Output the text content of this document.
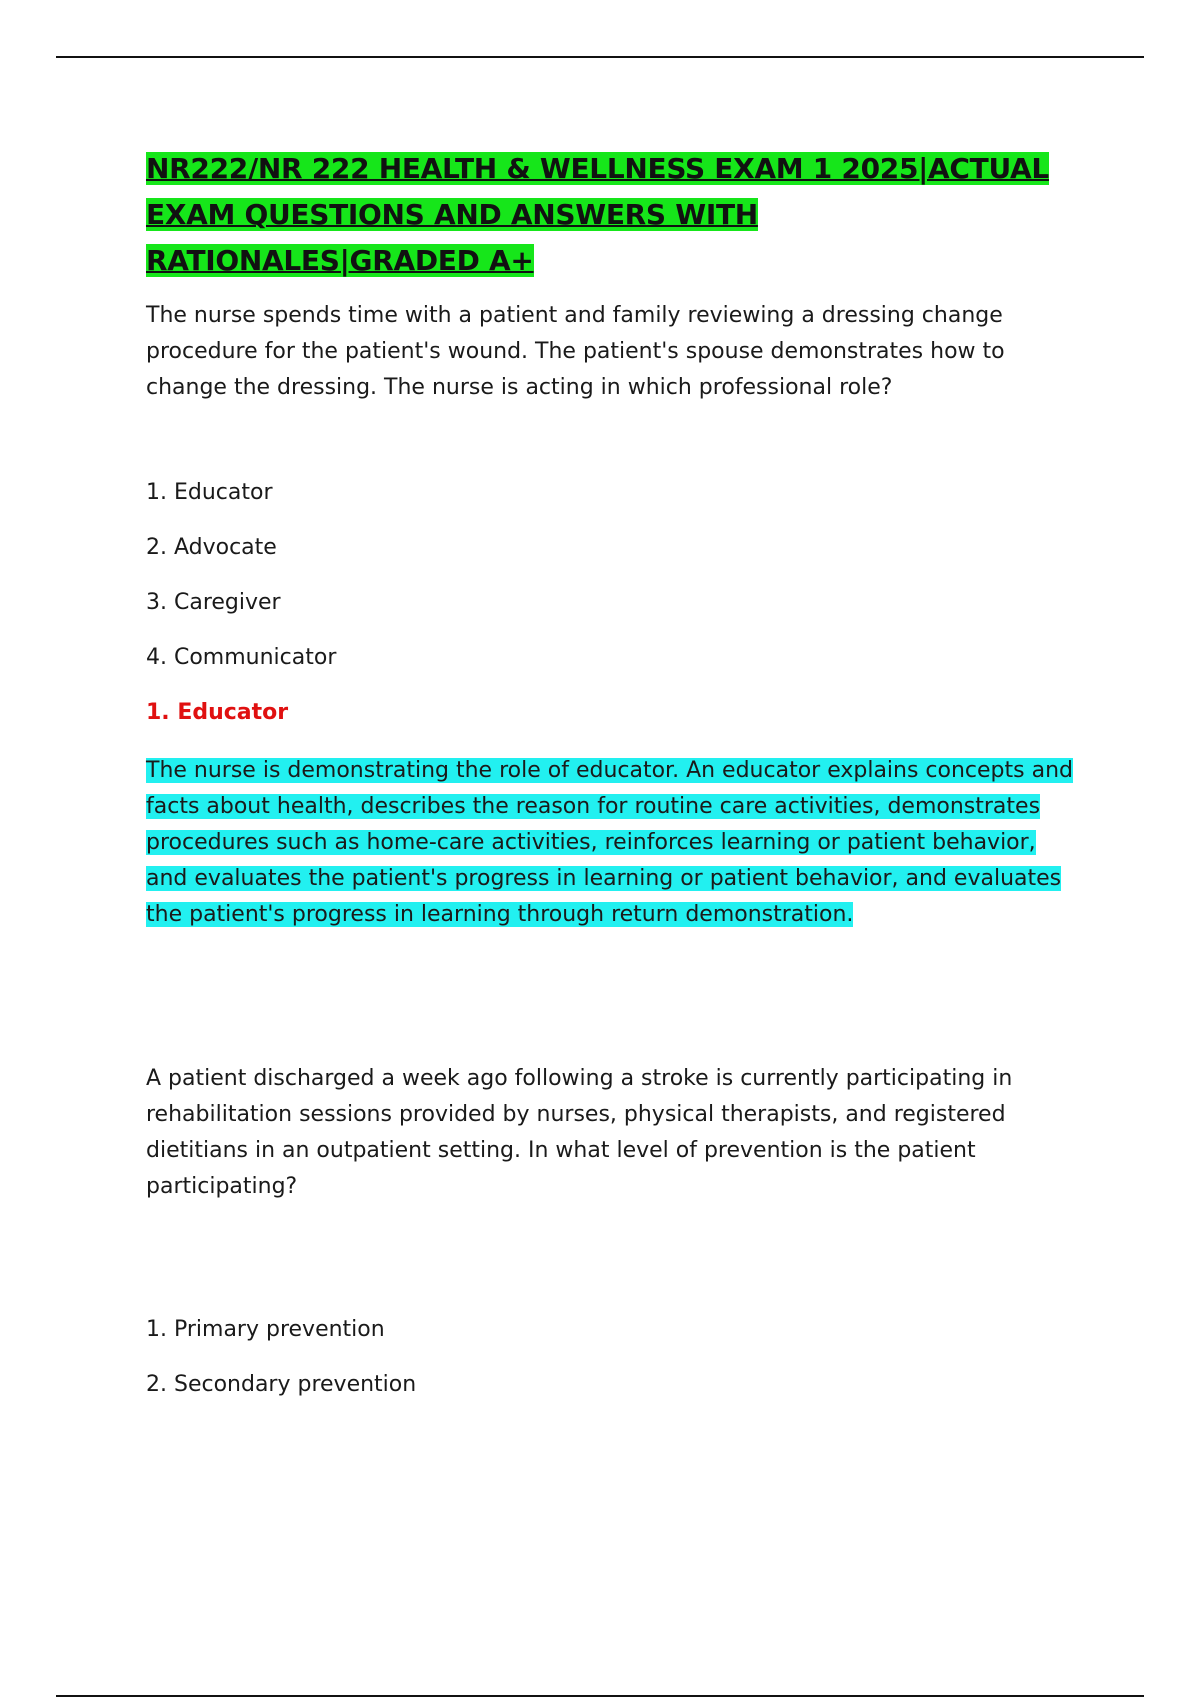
NR222/NR 222 HEALTH & WELLNESS EXAM 1 2025|ACTUAL EXAM QUESTIONS AND ANSWERS WITH RATIONALES|GRADED A+

The nurse spends time with a patient and family reviewing a dressing change procedure for the patient's wound. The patient's spouse demonstrates how to change the dressing. The nurse is acting in which professional role?

1. Educator
2. Advocate
3. Caregiver
4. Communicator

1. Educator

The nurse is demonstrating the role of educator. An educator explains concepts and facts about health, describes the reason for routine care activities, demonstrates procedures such as home-care activities, reinforces learning or patient behavior, and evaluates the patient's progress in learning or patient behavior, and evaluates the patient's progress in learning through return demonstration.

A patient discharged a week ago following a stroke is currently participating in rehabilitation sessions provided by nurses, physical therapists, and registered dietitians in an outpatient setting. In what level of prevention is the patient participating?

1. Primary prevention
2. Secondary prevention
